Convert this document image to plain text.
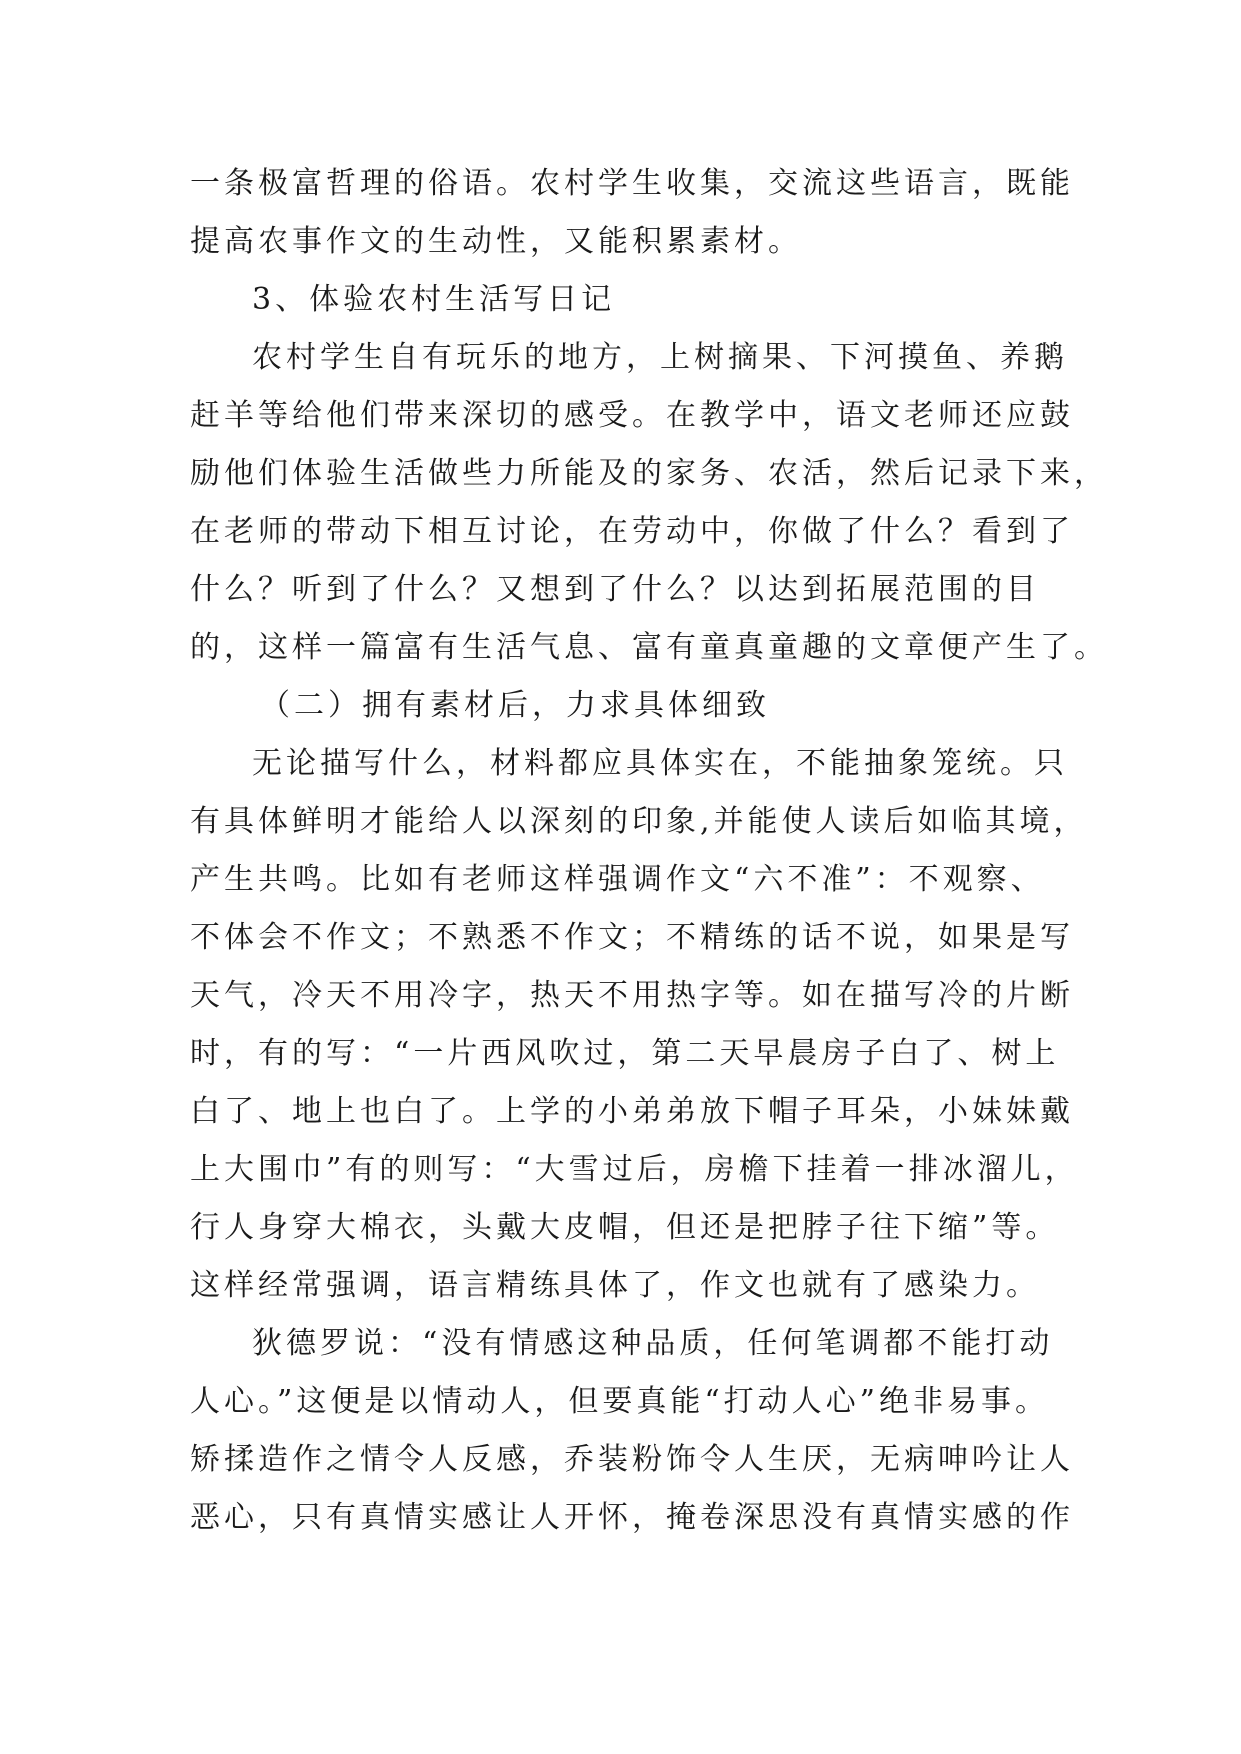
一条极富哲理的俗语。农村学生收集，交流这些语言，既能
提高农事作文的生动性，又能积累素材。
3、体验农村生活写日记
农村学生自有玩乐的地方，上树摘果、下河摸鱼、养鹅
赶羊等给他们带来深切的感受。在教学中，语文老师还应鼓
励他们体验生活做些力所能及的家务、农活，然后记录下来，
在老师的带动下相互讨论，在劳动中，你做了什么？看到了
什么？听到了什么？又想到了什么？以达到拓展范围的目
的，这样一篇富有生活气息、富有童真童趣的文章便产生了。
（二）拥有素材后，力求具体细致
无论描写什么，材料都应具体实在，不能抽象笼统。只
有具体鲜明才能给人以深刻的印象,并能使人读后如临其境，
产生共鸣。比如有老师这样强调作文“六不准”：不观察、
不体会不作文；不熟悉不作文；不精练的话不说，如果是写
天气，冷天不用冷字，热天不用热字等。如在描写冷的片断
时，有的写：“一片西风吹过，第二天早晨房子白了、树上
白了、地上也白了。上学的小弟弟放下帽子耳朵，小妹妹戴
上大围巾”有的则写：“大雪过后，房檐下挂着一排冰溜儿，
行人身穿大棉衣，头戴大皮帽，但还是把脖子往下缩”等。
这样经常强调，语言精练具体了，作文也就有了感染力。
狄德罗说：“没有情感这种品质，任何笔调都不能打动
人心。”这便是以情动人，但要真能“打动人心”绝非易事。
矫揉造作之情令人反感，乔装粉饰令人生厌，无病呻吟让人
恶心，只有真情实感让人开怀，掩卷深思没有真情实感的作
